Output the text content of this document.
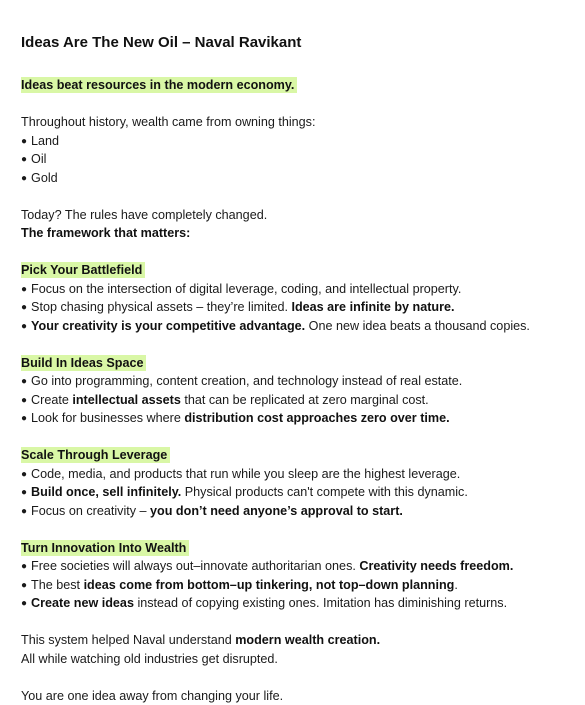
Ideas Are The New Oil – Naval Ravikant
Ideas beat resources in the modern economy.
Throughout history, wealth came from owning things:
● Land
● Oil
● Gold
Today? The rules have completely changed.
The framework that matters:
Pick Your Battlefield
● Focus on the intersection of digital leverage, coding, and intellectual property.
● Stop chasing physical assets – they’re limited. Ideas are infinite by nature.
● Your creativity is your competitive advantage. One new idea beats a thousand copies.
Build In Ideas Space
● Go into programming, content creation, and technology instead of real estate.
● Create intellectual assets that can be replicated at zero marginal cost.
● Look for businesses where distribution cost approaches zero over time.
Scale Through Leverage
● Code, media, and products that run while you sleep are the highest leverage.
● Build once, sell infinitely. Physical products can't compete with this dynamic.
● Focus on creativity – you don’t need anyone’s approval to start.
Turn Innovation Into Wealth
● Free societies will always out–innovate authoritarian ones. Creativity needs freedom.
● The best ideas come from bottom–up tinkering, not top–down planning.
● Create new ideas instead of copying existing ones. Imitation has diminishing returns.
This system helped Naval understand modern wealth creation.
All while watching old industries get disrupted.
You are one idea away from changing your life.
